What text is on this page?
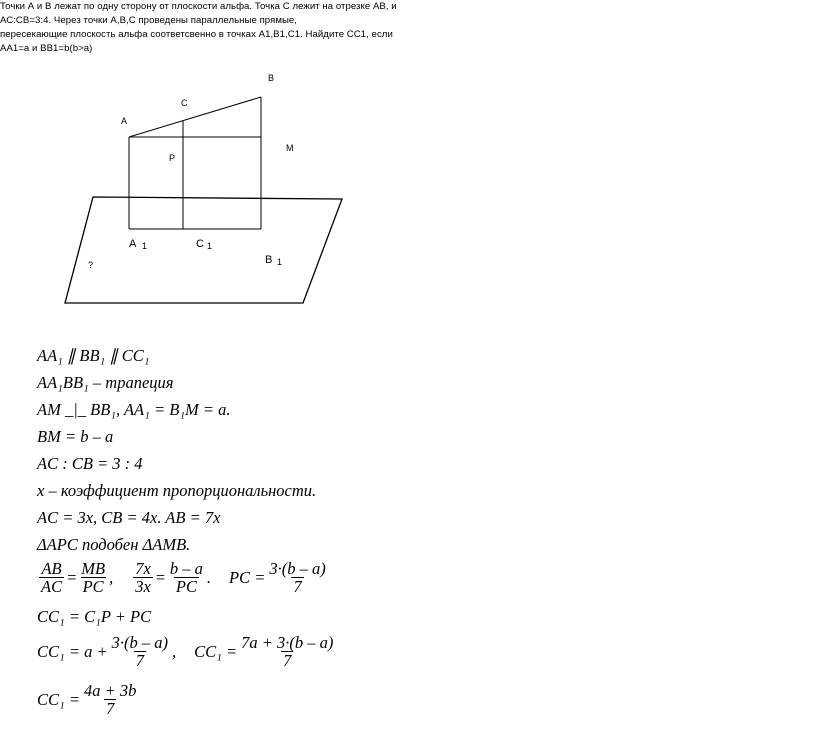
Точки А и В лежат по одну сторону от плоскости альфа. Точка С лежит на отрезке АВ, и
АС:СВ=3:4. Через точки А,В,С проведены параллельные прямые,
пересекающие плоскость альфа соответсвенно в точках А1,В1,С1. Найдите СС1, если
АА1=a и ВВ1=b(b>a)
A
B
C
P
M
A 1	C 1
B 1
?
AA₁ ∥ BB₁ ∥ CC₁
AA₁BB₁ – трапеция
AM _|_ BB₁, AA₁ = B₁M = a.
BM = b – a
AC : CB = 3 : 4
x – коэффициент пропорциональности.
AC = 3x, CB = 4x. AB = 7x
ΔAPC подобен ΔAMB.
$\frac{AB}{AC} = \frac{MB}{PC}$ , $\frac{7x}{3x} = \frac{b - a}{PC}$ . PC = $\frac{3\cdot(b - a)}{7}$
CC₁ = C₁P + PC
$CC_1 = a + \frac{3\cdot(b - a)}{7}$ , $CC_1 = \frac{7a + 3\cdot(b - a)}{7}$
$CC_1 = \frac{4a + 3b}{7}$
